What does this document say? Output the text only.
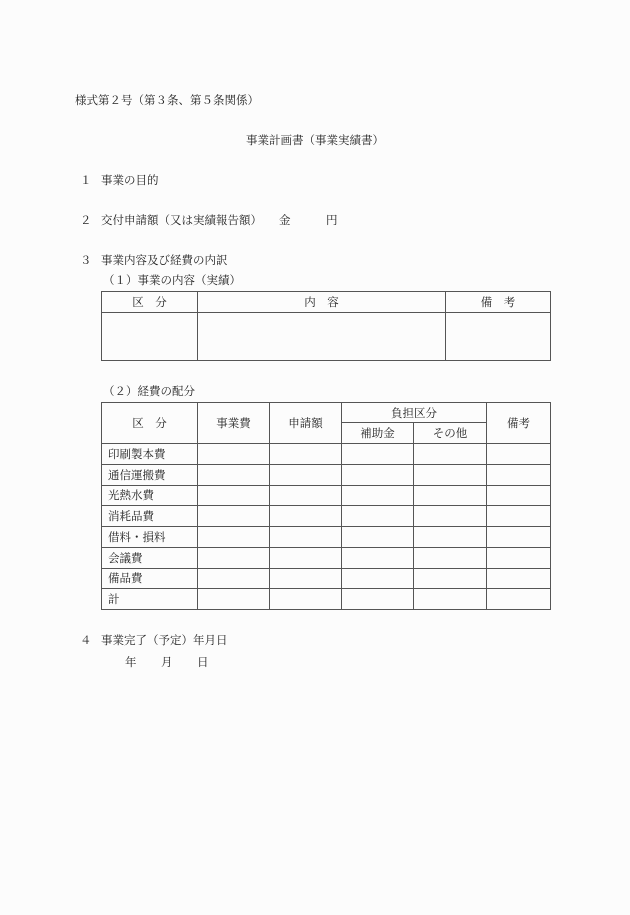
様式第２号（第３条、第５条関係）
事業計画書（事業実績書）
１ 事業の目的
２ 交付申請額（又は実績報告額） 金	円
３ 事業内容及び経費の内訳
（１）事業の内容（実績）
区　分	内　容	備　考

（２）経費の配分
区　分	事業費	申請額	負担区分		備考
			補助金	その他	
印刷製本費					
通信運搬費					
光熱水費					
消耗品費					
借料・損料					
会議費					
備品費					
計					
４ 事業完了（予定）年月日
年 月 日
